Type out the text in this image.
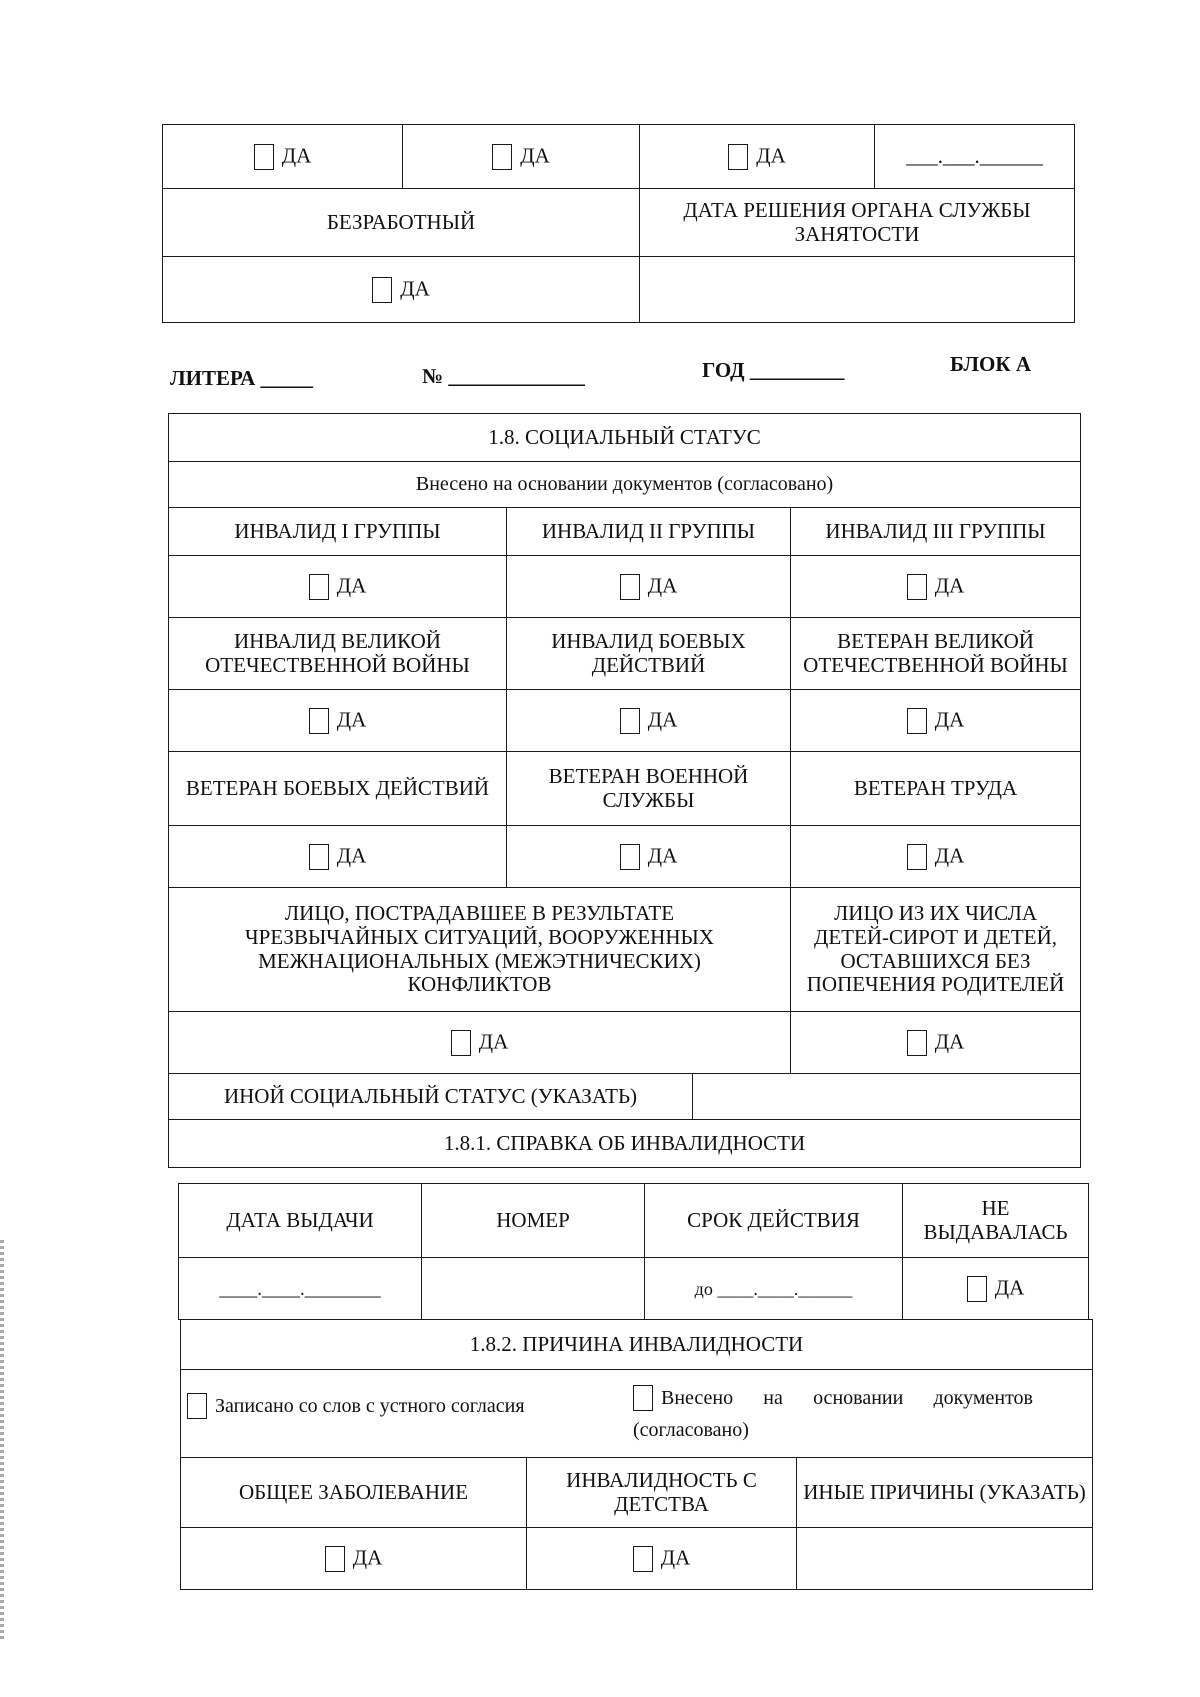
ДА	ДА	ДА	___.___.______
БЕЗРАБОТНЫЙ		ДАТА РЕШЕНИЯ ОРГАНА СЛУЖБЫ ЗАНЯТОСТИ	
ДА			
ЛИТЕРА _____	№ _____________	ГОД _________	БЛОК А
1.8. СОЦИАЛЬНЫЙ СТАТУС			
Внесено на основании документов (согласовано)			
ИНВАЛИД I ГРУППЫ	ИНВАЛИД II ГРУППЫ		ИНВАЛИД III ГРУППЫ
ДА	ДА		ДА
ИНВАЛИД ВЕЛИКОЙ ОТЕЧЕСТВЕННОЙ ВОЙНЫ	ИНВАЛИД БОЕВЫХ ДЕЙСТВИЙ		ВЕТЕРАН ВЕЛИКОЙ ОТЕЧЕСТВЕННОЙ ВОЙНЫ
ДА	ДА		ДА
ВЕТЕРАН БОЕВЫХ ДЕЙСТВИЙ	ВЕТЕРАН ВОЕННОЙ СЛУЖБЫ		ВЕТЕРАН ТРУДА
ДА	ДА		ДА
ЛИЦО, ПОСТРАДАВШЕЕ В РЕЗУЛЬТАТЕ ЧРЕЗВЫЧАЙНЫХ СИТУАЦИЙ, ВООРУЖЕННЫХ МЕЖНАЦИОНАЛЬНЫХ (МЕЖЭТНИЧЕСКИХ) КОНФЛИКТОВ			ЛИЦО ИЗ ИХ ЧИСЛА ДЕТЕЙ-СИРОТ И ДЕТЕЙ, ОСТАВШИХСЯ БЕЗ ПОПЕЧЕНИЯ РОДИТЕЛЕЙ
ДА			ДА
ИНОЙ СОЦИАЛЬНЫЙ СТАТУС (УКАЗАТЬ)			
1.8.1. СПРАВКА ОБ ИНВАЛИДНОСТИ			
ДАТА ВЫДАЧИ	НОМЕР	СРОК ДЕЙСТВИЯ	НЕ ВЫДАВАЛАСЬ
____.____.________		до ____.____.______	ДА
1.8.2. ПРИЧИНА ИНВАЛИДНОСТИ		

Записано со слов с устного согласия Внесено на основании документов
(согласовано)		

ОБЩЕЕ ЗАБОЛЕВАНИЕ	ИНВАЛИДНОСТЬ С ДЕТСТВА	ИНЫЕ ПРИЧИНЫ (УКАЗАТЬ)
ДА	ДА	
